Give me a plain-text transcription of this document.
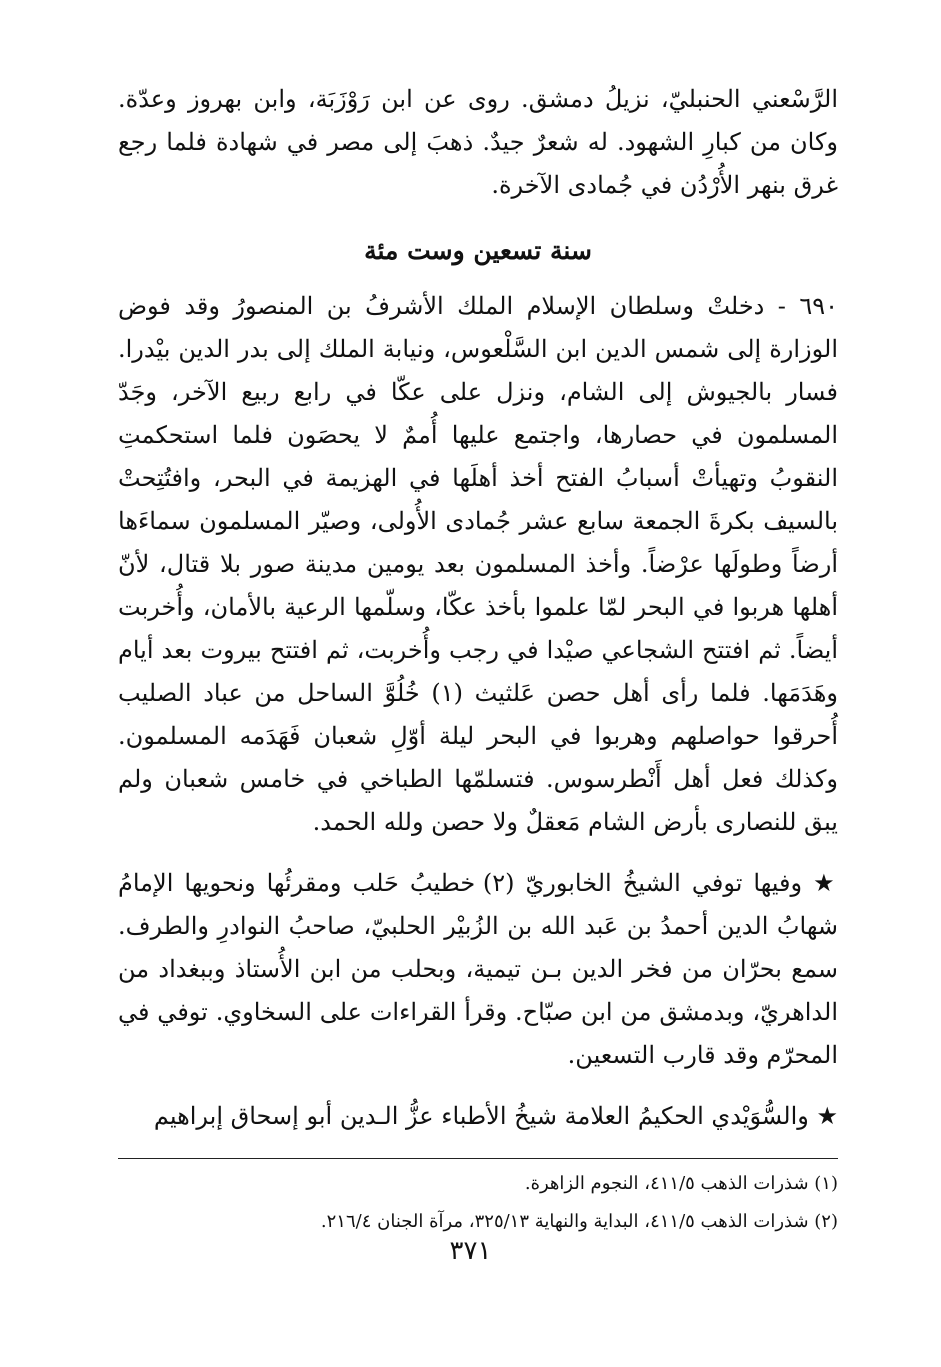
الرَّسْعني الحنبليّ، نزيلُ دمشق. روى عن ابن رَوْزَبَة، وابن بهروز وعدّة. وكان من كبارِ الشهود. له شعرٌ جيدٌ. ذهبَ إلى مصر في شهادة فلما رجع غرق بنهر الأُرْدُن في جُمادى الآخرة.

سنة تسعين وست مئة

٦٩٠ - دخلتْ وسلطان الإسلام الملك الأشرفُ بن المنصورُ وقد فوض الوزارة إلى شمس الدين ابن السَّلْعوس، ونيابة الملك إلى بدر الدين بيْدرا. فسار بالجيوش إلى الشام، ونزل على عكّا في رابع ربيع الآخر، وجَدّ المسلمون في حصارها، واجتمع عليها أُممٌ لا يحصَون فلما استحكمتِ النقوبُ وتهيأتْ أسبابُ الفتح أخذ أهلَها في الهزيمة في البحر، وافتُتِحتْ بالسيف بكرةَ الجمعة سابع عشر جُمادى الأُولى، وصيّر المسلمون سماءَها أرضاً وطولَها عرْضاً. وأخذ المسلمون بعد يومين مدينة صور بلا قتال، لأنّ أهلها هربوا في البحر لمّا علموا بأخذ عكّا، وسلّمها الرعية بالأمان، وأُخربت أيضاً. ثم افتتح الشجاعي صيْدا في رجب وأُخربت، ثم افتتح بيروت بعد أيام وهَدَمَها. فلما رأى أهل حصن عَلثيث (١) خُلُوَّ الساحل من عباد الصليب أُحرقوا حواصلهم وهربوا في البحر ليلة أوّلِ شعبان فَهَدَمه المسلمون. وكذلك فعل أهل أَنْطرسوس. فتسلمّها الطباخي في خامس شعبان ولم يبق للنصارى بأرض الشام مَعقلٌ ولا حصن ولله الحمد.

★ وفيها توفي الشيخُ الخابوريّ (٢) خطيبُ حَلب ومقرئُها ونحويها الإمامُ شهابُ الدين أحمدُ بن عَبد الله بن الزُبيْر الحلبيّ، صاحبُ النوادرِ والطرف. سمع بحرّان من فخر الدين بـن تيمية، وبحلب من ابن الأُستاذ وببغداد من الداهريّ، وبدمشق من ابن صبّاح. وقرأ القراءات على السخاوي. توفي في المحرّم وقد قارب التسعين.

★ والسُّوَيْدي الحكيمُ العلامة شيخُ الأطباء عزُّ الـدين أبو إسحاق إبراهيم

(١) شذرات الذهب ٤١١/٥، النجوم الزاهرة.
(٢) شذرات الذهب ٤١١/٥، البداية والنهاية ٣٢٥/١٣، مرآة الجنان ٢١٦/٤.
٣٧١
